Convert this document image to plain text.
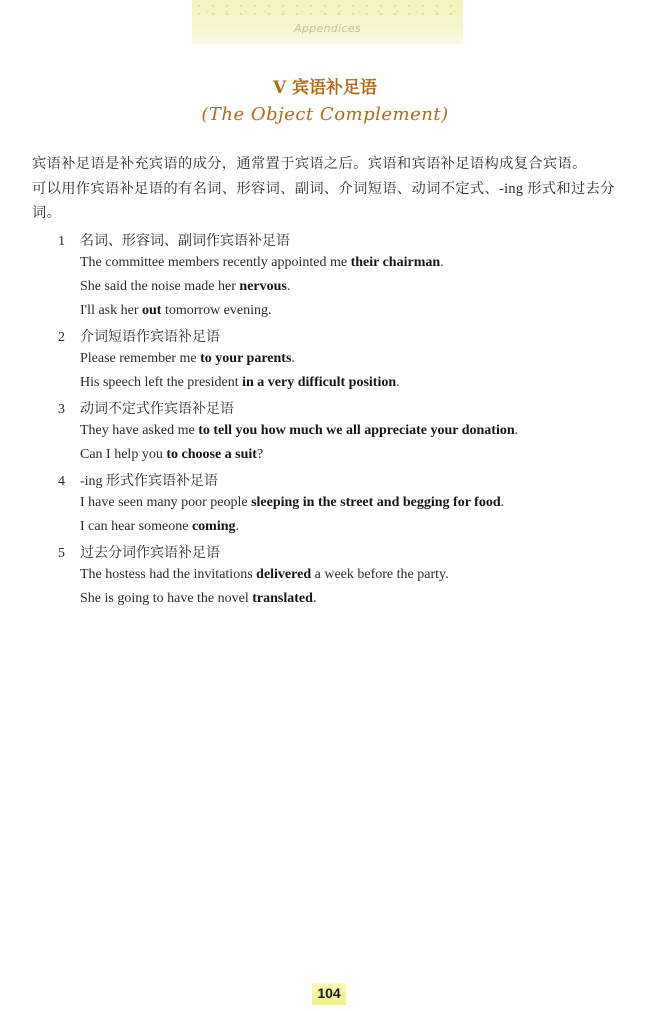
Appendices
V 宾语补足语
(The Object Complement)
宾语补足语是补充宾语的成分，通常置于宾语之后。宾语和宾语补足语构成复合宾语。
可以用作宾语补足语的有名词、形容词、副词、介词短语、动词不定式、-ing 形式和过去分
词。
1 名词、形容词、副词作宾语补足语
The committee members recently appointed me their chairman.
She said the noise made her nervous.
I'll ask her out tomorrow evening.
2 介词短语作宾语补足语
Please remember me to your parents.
His speech left the president in a very difficult position.
3 动词不定式作宾语补足语
They have asked me to tell you how much we all appreciate your donation.
Can I help you to choose a suit?
4 -ing 形式作宾语补足语
I have seen many poor people sleeping in the street and begging for food.
I can hear someone coming.
5 过去分词作宾语补足语
The hostess had the invitations delivered a week before the party.
She is going to have the novel translated.
104
